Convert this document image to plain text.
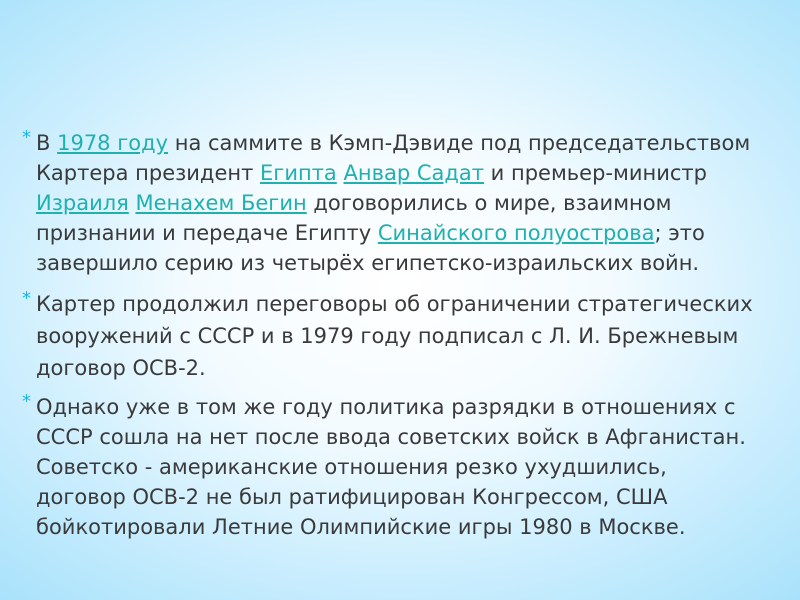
* В 1978 году на саммите в Кэмп-Дэвиде под председательством Картера президент Египта Анвар Садат и премьер-министр Израиля Менахем Бегин договорились о мире, взаимном признании и передаче Египту Синайского полуострова; это завершило серию из четырёх египетско-израильских войн.
* Картер продолжил переговоры об ограничении стратегических вооружений с СССР и в 1979 году подписал с Л. И. Брежневым договор ОСВ-2.
* Однако уже в том же году политика разрядки в отношениях с СССР сошла на нет после ввода советских войск в Афганистан. Советско - американские отношения резко ухудшились, договор ОСВ-2 не был ратифицирован Конгрессом, США бойкотировали Летние Олимпийские игры 1980 в Москве.
